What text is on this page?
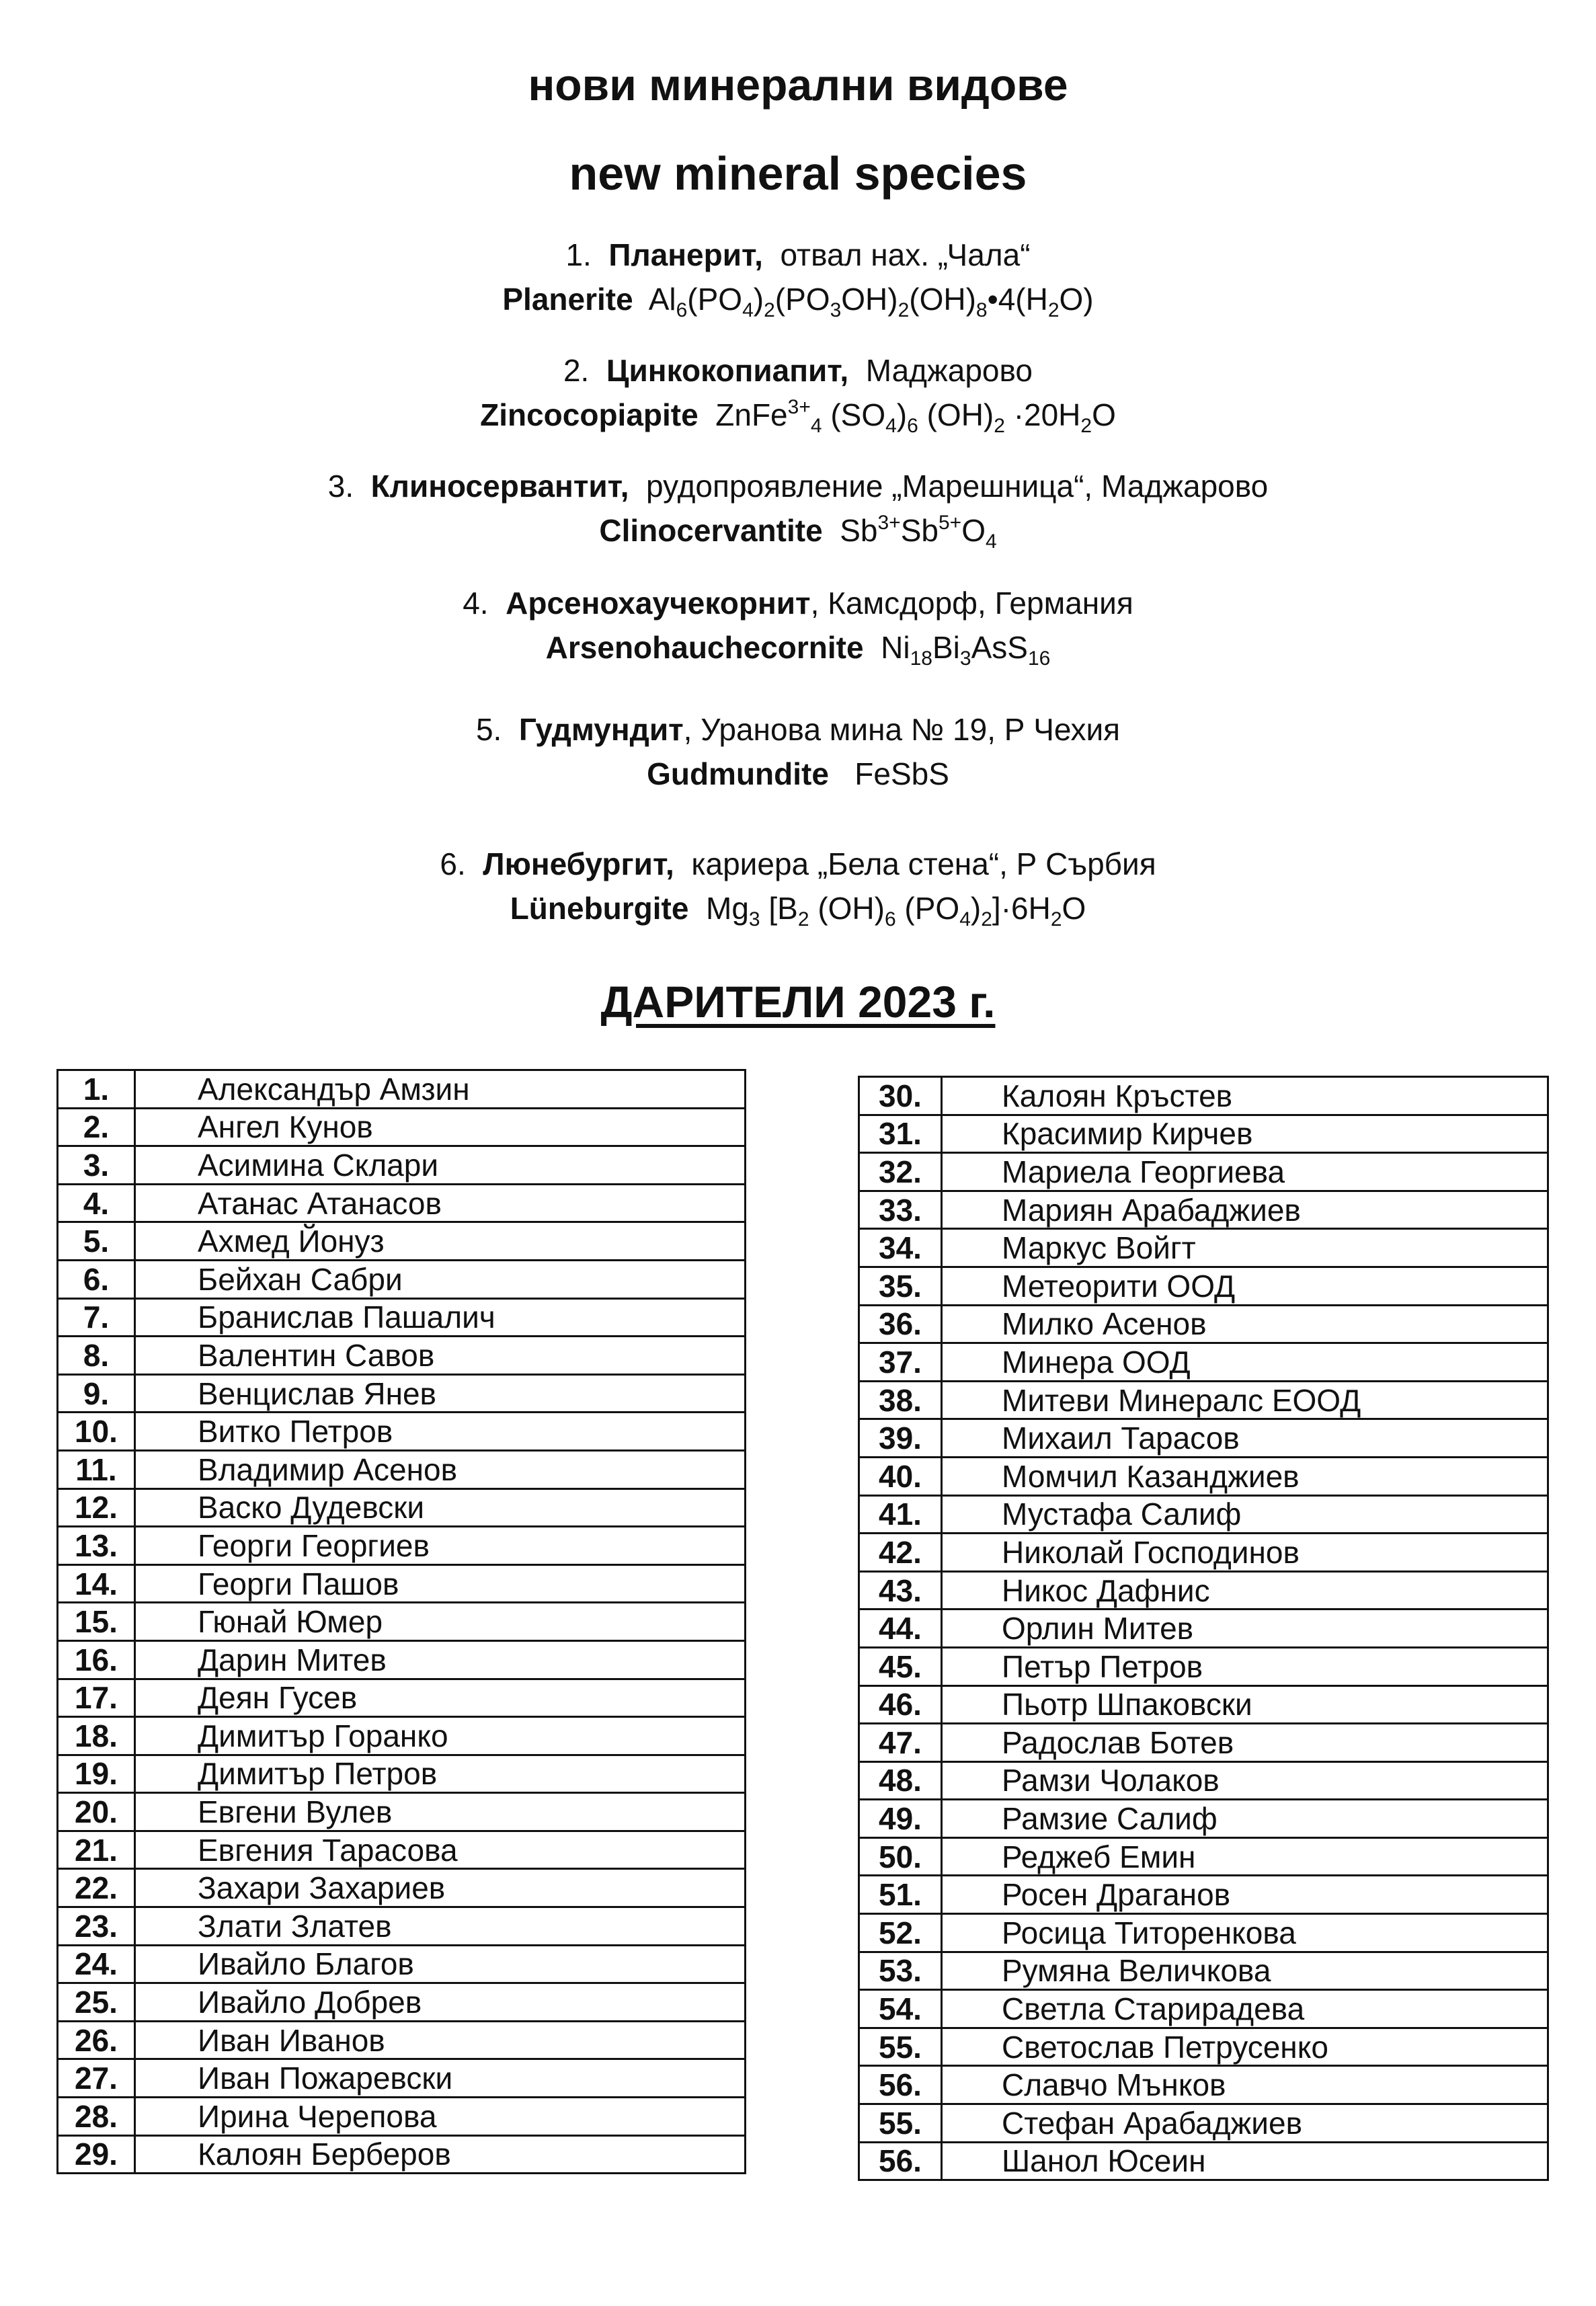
нови минерални видове
new mineral species
1. Планерит, отвал нах. „Чала“
Planerite $Al_6(PO_4)_2(PO_3OH)_2(OH)_8•4(H_2O)$
2. Цинкокопиапит, Маджарово
Zincocopiapite ZnFe$^{3+}_4$ $(SO_4)_6$ $(OH)_2 \cdot 20H_2O$
3. Клиносервантит, рудопроявление „Марешница“, Маджарово
Clinocervantite $Sb^{3+}Sb^{5+}O_4$
4. Арсенохаучекорнит, Камсдорф, Германия
Arsenohauchecornite $Ni_{18}Bi_3AsS_{16}$
5. Гудмундит, Уранова мина № 19, Р Чехия
Gudmundite FeSbS
6. Люнебургит, кариера „Бела стена“, Р Сърбия
Lüneburgite $Mg_3$ [$B_2$ $(OH)_6$ $(PO_4)_2]\cdot 6H_2O$
ДАРИТЕЛИ 2023 г.
1.	Александър Амзин
2.	Ангел Кунов
3.	Асимина Склари
4.	Атанас Атанасов
5.	Ахмед Йонуз
6.	Бейхан Сабри
7.	Бранислав Пашалич
8.	Валентин Савов
9.	Венцислав Янев
10.	Витко Петров
11.	Владимир Асенов
12.	Васко Дудевски
13.	Георги Георгиев
14.	Георги Пашов
15.	Гюнай Юмер
16.	Дарин Митев
17.	Деян Гусев
18.	Димитър Горанко
19.	Димитър Петров
20.	Евгени Вулев
21.	Евгения Тарасова
22.	Захари Захариев
23.	Злати Златев
24.	Ивайло Благов
25.	Ивайло Добрев
26.	Иван Иванов
27.	Иван Пожаревски
28.	Ирина Черепова
29.	Калоян Берберов
30.	Калоян Кръстев
31.	Красимир Кирчев
32.	Мариела Георгиева
33.	Мариян Арабаджиев
34.	Маркус Войгт
35.	Метеорити ООД
36.	Милко Асенов
37.	Минера ООД
38.	Митеви Минералс ЕООД
39.	Михаил Тарасов
40.	Момчил Казанджиев
41.	Мустафа Салиф
42.	Николай Господинов
43.	Никос Дафнис
44.	Орлин Митев
45.	Петър Петров
46.	Пьотр Шпаковски
47.	Радослав Ботев
48.	Рамзи Чолаков
49.	Рамзие Салиф
50.	Реджеб Емин
51.	Росен Драганов
52.	Росица Титоренкова
53.	Румяна Величкова
54.	Светла Старирадева
55.	Светослав Петрусенко
56.	Славчо Мънков
55.	Стефан Арабаджиев
56.	Шанол Юсеин
